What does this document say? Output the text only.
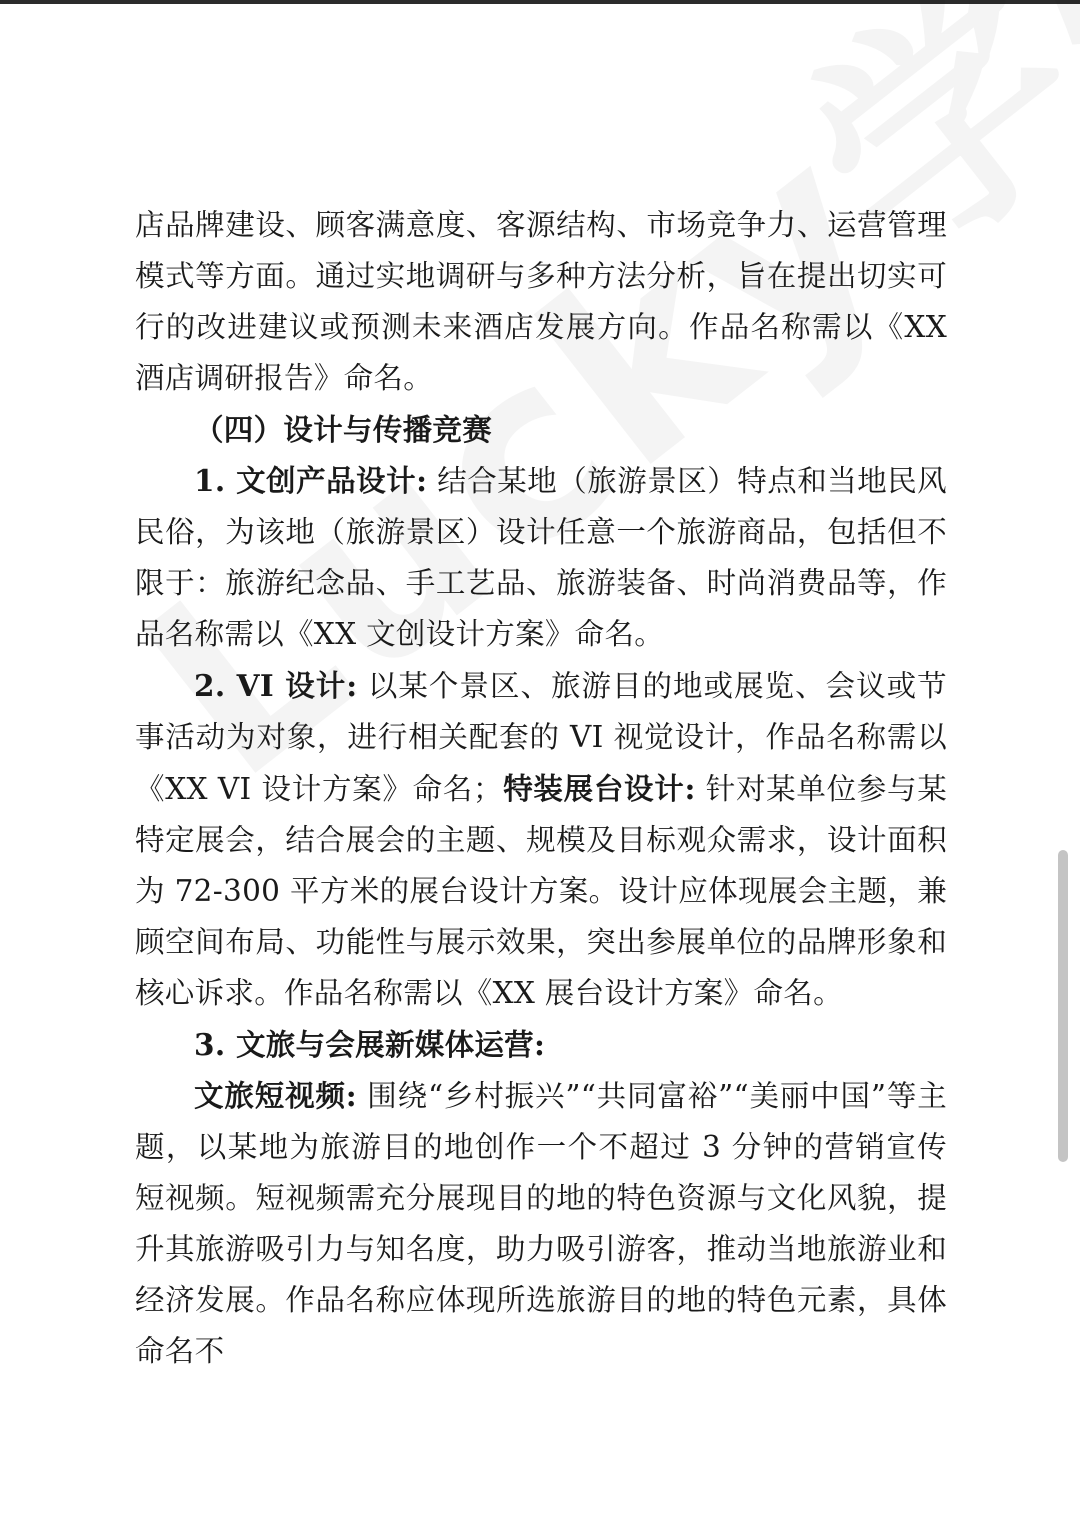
店品牌建设、顾客满意度、客源结构、市场竞争力、运营管理模式等方面。通过实地调研与多种方法分析，旨在提出切实可行的改进建议或预测未来酒店发展方向。作品名称需以《XX 酒店调研报告》命名。

（四）设计与传播竞赛

1. 文创产品设计: 结合某地（旅游景区）特点和当地民风民俗，为该地（旅游景区）设计任意一个旅游商品，包括但不限于：旅游纪念品、手工艺品、旅游装备、时尚消费品等，作品名称需以《XX 文创设计方案》命名。

2. VI 设计: 以某个景区、旅游目的地或展览、会议或节事活动为对象，进行相关配套的 VI 视觉设计，作品名称需以《XX VI 设计方案》命名；特装展台设计: 针对某单位参与某特定展会，结合展会的主题、规模及目标观众需求，设计面积为 72-300 平方米的展台设计方案。设计应体现展会主题，兼顾空间布局、功能性与展示效果，突出参展单位的品牌形象和核心诉求。作品名称需以《XX 展台设计方案》命名。

3. 文旅与会展新媒体运营:

文旅短视频: 围绕“乡村振兴”“共同富裕”“美丽中国”等主题，以某地为旅游目的地创作一个不超过 3 分钟的营销宣传短视频。短视频需充分展现目的地的特色资源与文化风貌，提升其旅游吸引力与知名度，助力吸引游客，推动当地旅游业和经济发展。作品名称应体现所选旅游目的地的特色元素，具体命名不
